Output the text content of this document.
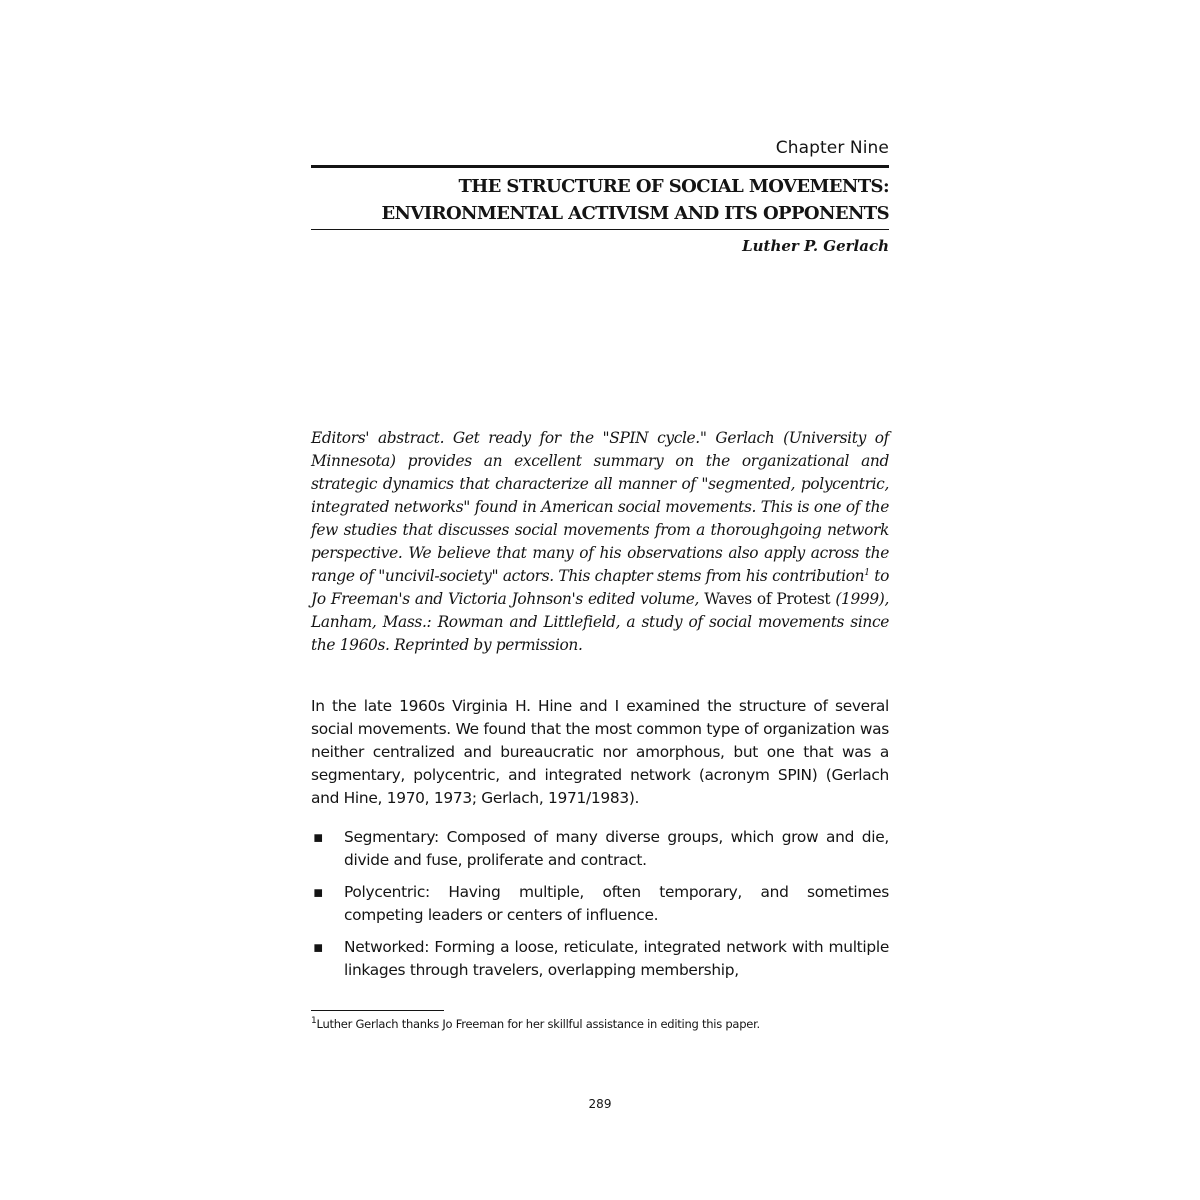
Chapter Nine
THE STRUCTURE OF SOCIAL MOVEMENTS:
ENVIRONMENTAL ACTIVISM AND ITS OPPONENTS
Luther P. Gerlach
Editors' abstract. Get ready for the "SPIN cycle." Gerlach (University of Minnesota) provides an excellent summary on the organizational and strategic dynamics that characterize all manner of "segmented, polycentric, integrated networks" found in American social movements. This is one of the few studies that discusses social movements from a thoroughgoing network perspective. We believe that many of his observations also apply across the range of "uncivil-society" actors. This chapter stems from his contribution$^1$ to Jo Freeman's and Victoria Johnson's edited volume, Waves of Protest (1999), Lanham, Mass.: Rowman and Littlefield, a study of social movements since the 1960s. Reprinted by permission.
In the late 1960s Virginia H. Hine and I examined the structure of several social movements. We found that the most common type of organization was neither centralized and bureaucratic nor amorphous, but one that was a segmentary, polycentric, and integrated network (acronym SPIN) (Gerlach and Hine, 1970, 1973; Gerlach, 1971/1983).
▪ Segmentary: Composed of many diverse groups, which grow and die, divide and fuse, proliferate and contract.
▪ Polycentric: Having multiple, often temporary, and sometimes competing leaders or centers of influence.
▪ Networked: Forming a loose, reticulate, integrated network with multiple linkages through travelers, overlapping membership,
$^1$Luther Gerlach thanks Jo Freeman for her skillful assistance in editing this paper.
289
